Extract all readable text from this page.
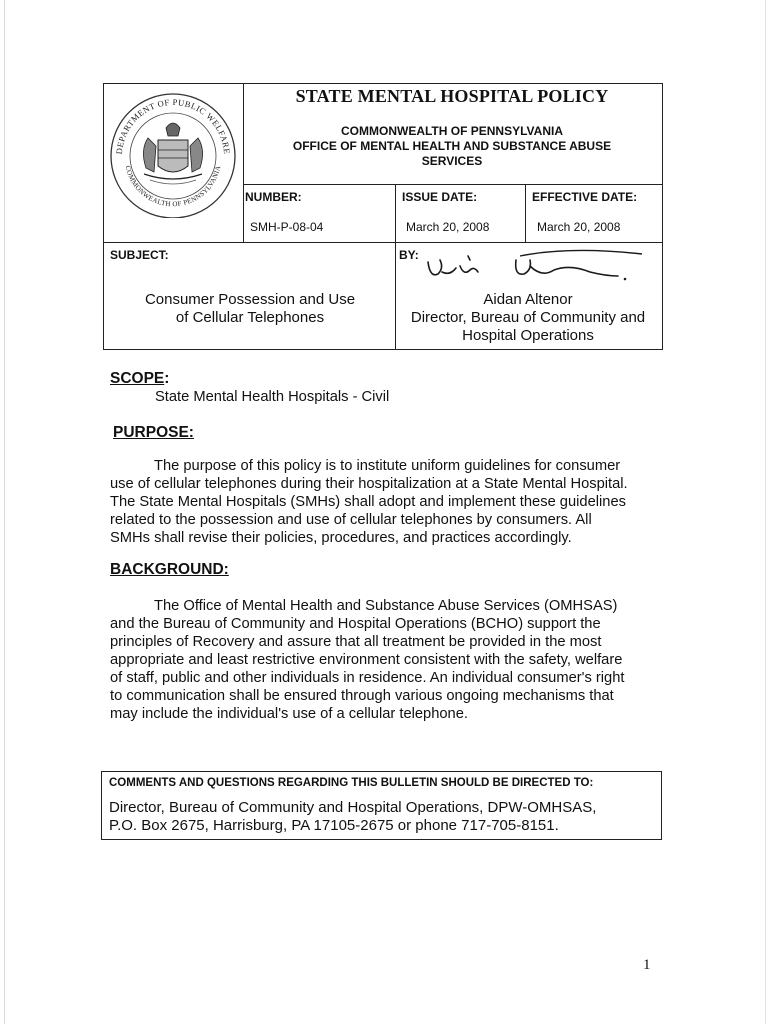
DEPARTMENT OF PUBLIC WELFARE
COMMONWEALTH OF PENNSYLVANIA
STATE MENTAL HOSPITAL POLICY
COMMONWEALTH OF PENNSYLVANIA
OFFICE OF MENTAL HEALTH AND SUBSTANCE ABUSE
SERVICES
NUMBER:
SMH-P-08-04
ISSUE DATE:
March 20, 2008
EFFECTIVE DATE:
March 20, 2008
SUBJECT:
Consumer Possession and Use
of Cellular Telephones
BY:
Aidan Altenor
Director, Bureau of Community and
Hospital Operations
SCOPE:
State Mental Health Hospitals - Civil
PURPOSE:
The purpose of this policy is to institute uniform guidelines for consumer
use of cellular telephones during their hospitalization at a State Mental Hospital.
The State Mental Hospitals (SMHs) shall adopt and implement these guidelines
related to the possession and use of cellular telephones by consumers. All
SMHs shall revise their policies, procedures, and practices accordingly.
BACKGROUND:
The Office of Mental Health and Substance Abuse Services (OMHSAS)
and the Bureau of Community and Hospital Operations (BCHO) support the
principles of Recovery and assure that all treatment be provided in the most
appropriate and least restrictive environment consistent with the safety, welfare
of staff, public and other individuals in residence. An individual consumer's right
to communication shall be ensured through various ongoing mechanisms that
may include the individual's use of a cellular telephone.
COMMENTS AND QUESTIONS REGARDING THIS BULLETIN SHOULD BE DIRECTED TO:
Director, Bureau of Community and Hospital Operations, DPW-OMHSAS,
P.O. Box 2675, Harrisburg, PA 17105-2675 or phone 717-705-8151.
1
